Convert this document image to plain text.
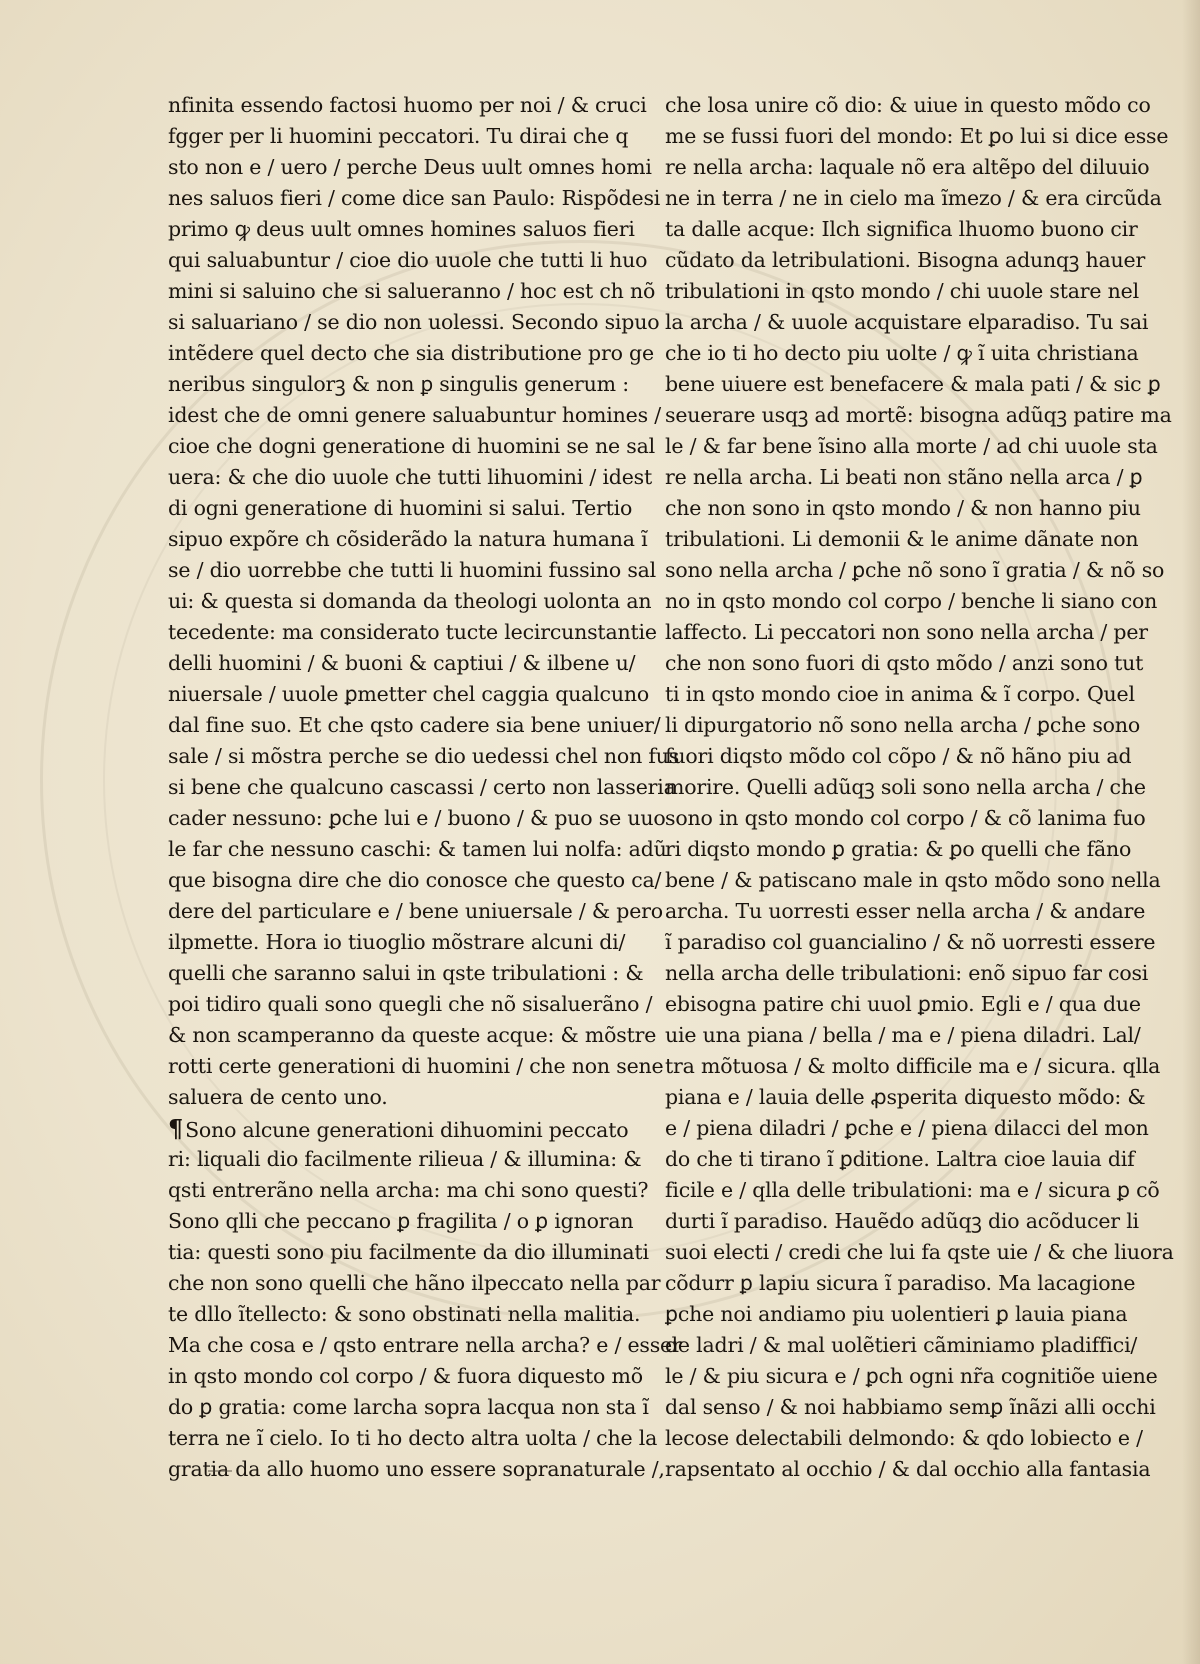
nfinita essendo factosi huomo per noi / & cruci
fgger per li huomini peccatori. Tu dirai che q
sto non e / uero / perche Deus uult omnes homi
nes saluos fieri / come dice san Paulo: Rispõdesi
primo ꝙ deus uult omnes homines saluos fieri
qui saluabuntur / cioe dio uuole che tutti li huo
mini si saluino che si salueranno / hoc est ch nõ
si saluariano / se dio non uolessi. Secondo sipuo
intẽdere quel decto che sia distributione pro ge
neribus singulorꝫ & non ꝑ singulis generum :
idest che de omni genere saluabuntur homines /
cioe che dogni generatione di huomini se ne sal
uera: & che dio uuole che tutti lihuomini / idest
di ogni generatione di huomini si salui. Tertio
sipuo expõre ch cõsiderãdo la natura humana ĩ
se / dio uorrebbe che tutti li huomini fussino sal
ui: & questa si domanda da theologi uolonta an
tecedente: ma considerato tucte lecircunstantie
delli huomini / & buoni & captiui / & ilbene u/
niuersale / uuole ꝑmetter chel caggia qualcuno
dal fine suo. Et che qsto cadere sia bene uniuer/
sale / si mõstra perche se dio uedessi chel non fus
si bene che qualcuno cascassi / certo non lasseria
cader nessuno: ꝑche lui e / buono / & puo se uuo
le far che nessuno caschi: & tamen lui nolfa: adũ
que bisogna dire che dio conosce che questo ca/
dere del particulare e / bene uniuersale / & pero
ilpmette. Hora io tiuoglio mõstrare alcuni di/
quelli che saranno salui in qste tribulationi : &
poi tidiro quali sono quegli che nõ sisaluerãno /
& non scamperanno da queste acque: & mõstre
rotti certe generationi di huomini / che non sene
saluera de cento uno.
¶Sono alcune generationi dihuomini peccato
ri: liquali dio facilmente rilieua / & illumina: &
qsti entrerãno nella archa: ma chi sono questi?
Sono qlli che peccano ꝑ fragilita / o ꝑ ignoran
tia: questi sono piu facilmente da dio illuminati
che non sono quelli che hãno ilpeccato nella par
te dllo ĩtellecto: & sono obstinati nella malitia.
Ma che cosa e / qsto entrare nella archa? e / esser
in qsto mondo col corpo / & fuora diquesto mõ
do ꝑ gratia: come larcha sopra lacqua non sta ĩ
terra ne ĩ cielo. Io ti ho decto altra uolta / che la
gratia da allo huomo uno essere sopranaturale /,
che losa unire cõ dio: & uiue in questo mõdo co
me se fussi fuori del mondo: Et ꝑo lui si dice esse
re nella archa: laquale nõ era altẽpo del diluuio
ne in terra / ne in cielo ma ĩmezo / & era circũda
ta dalle acque: Ilch significa lhuomo buono cir
cũdato da letribulationi. Bisogna adunqꝫ hauer
tribulationi in qsto mondo / chi uuole stare nel
la archa / & uuole acquistare elparadiso. Tu sai
che io ti ho decto piu uolte / ꝙ ĩ uita christiana
bene uiuere est benefacere & mala pati / & sic ꝑ
seuerare usqꝫ ad mortẽ: bisogna adũqꝫ patire ma
le / & far bene ĩsino alla morte / ad chi uuole sta
re nella archa. Li beati non stãno nella arca / ꝑ
che non sono in qsto mondo / & non hanno piu
tribulationi. Li demonii & le anime dãnate non
sono nella archa / ꝑche nõ sono ĩ gratia / & nõ so
no in qsto mondo col corpo / benche li siano con
laffecto. Li peccatori non sono nella archa / per
che non sono fuori di qsto mõdo / anzi sono tut
ti in qsto mondo cioe in anima & ĩ corpo. Quel
li dipurgatorio nõ sono nella archa / ꝑche sono
fuori diqsto mõdo col cõpo / & nõ hãno piu ad
morire. Quelli adũqꝫ soli sono nella archa / che
sono in qsto mondo col corpo / & cõ lanima fuo
ri diqsto mondo ꝑ gratia: & ꝑo quelli che fãno
bene / & patiscano male in qsto mõdo sono nella
archa. Tu uorresti esser nella archa / & andare
ĩ paradiso col guancialino / & nõ uorresti essere
nella archa delle tribulationi: enõ sipuo far cosi
ebisogna patire chi uuol ꝑmio. Egli e / qua due
uie una piana / bella / ma e / piena diladri. Lal/
tra mõtuosa / & molto difficile ma e / sicura. qlla
piana e / lauia delle ꝓsperita diquesto mõdo: &
e / piena diladri / ꝑche e / piena dilacci del mon
do che ti tirano ĩ ꝑditione. Laltra cioe lauia dif
ficile e / qlla delle tribulationi: ma e / sicura ꝑ cõ
durti ĩ paradiso. Hauẽdo adũqꝫ dio acõducer li
suoi electi / credi che lui fa qste uie / & che liuora
cõdurr ꝑ lapiu sicura ĩ paradiso. Ma lacagione
ꝑche noi andiamo piu uolentieri ꝑ lauia piana
de ladri / & mal uolẽtieri cãminiamo pladiffici/
le / & piu sicura e / ꝑch ogni nr̃a cognitiõe uiene
dal senso / & noi habbiamo semꝑ ĩnãzi alli occhi
lecose delectabili delmondo: & qdo lobiecto e /
rapsentato al occhio / & dal occhio alla fantasia
